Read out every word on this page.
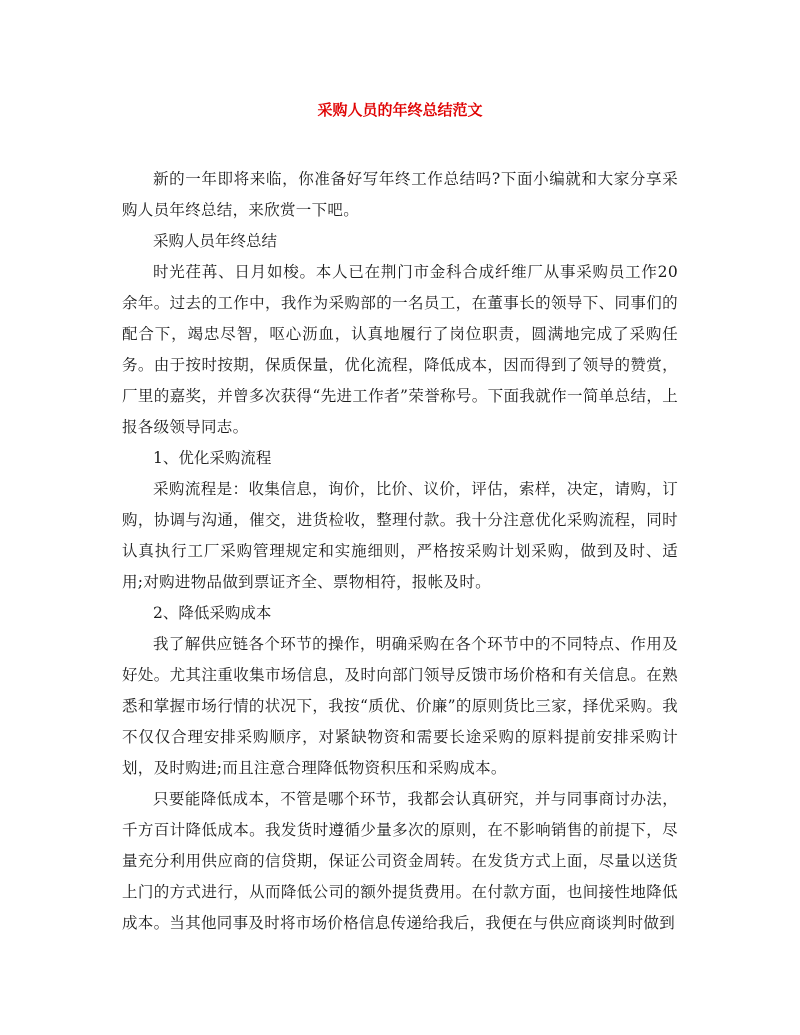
采购人员的年终总结范文

新的一年即将来临，你准备好写年终工作总结吗?下面小编就和大家分享采购人员年终总结，来欣赏一下吧。

采购人员年终总结

时光荏苒、日月如梭。本人已在荆门市金科合成纤维厂从事采购员工作20余年。过去的工作中，我作为采购部的一名员工，在董事长的领导下、同事们的配合下，竭忠尽智，呕心沥血，认真地履行了岗位职责，圆满地完成了采购任务。由于按时按期，保质保量，优化流程，降低成本，因而得到了领导的赞赏，厂里的嘉奖，并曾多次获得“先进工作者”荣誉称号。下面我就作一简单总结，上报各级领导同志。

1、优化采购流程

采购流程是：收集信息，询价，比价、议价，评估，索样，决定，请购，订购，协调与沟通，催交，进货检收，整理付款。我十分注意优化采购流程，同时认真执行工厂采购管理规定和实施细则，严格按采购计划采购，做到及时、适用;对购进物品做到票证齐全、票物相符，报帐及时。

2、降低采购成本

我了解供应链各个环节的操作，明确采购在各个环节中的不同特点、作用及好处。尤其注重收集市场信息，及时向部门领导反馈市场价格和有关信息。在熟悉和掌握市场行情的状况下，我按“质优、价廉”的原则货比三家，择优采购。我不仅仅合理安排采购顺序，对紧缺物资和需要长途采购的原料提前安排采购计划，及时购进;而且注意合理降低物资积压和采购成本。

只要能降低成本，不管是哪个环节，我都会认真研究，并与同事商讨办法，千方百计降低成本。我发货时遵循少量多次的原则，在不影响销售的前提下，尽量充分利用供应商的信贷期，保证公司资金周转。在发货方式上面，尽量以送货上门的方式进行，从而降低公司的额外提货费用。在付款方面，也间接性地降低成本。当其他同事及时将市场价格信息传递给我后，我便在与供应商谈判时做到
